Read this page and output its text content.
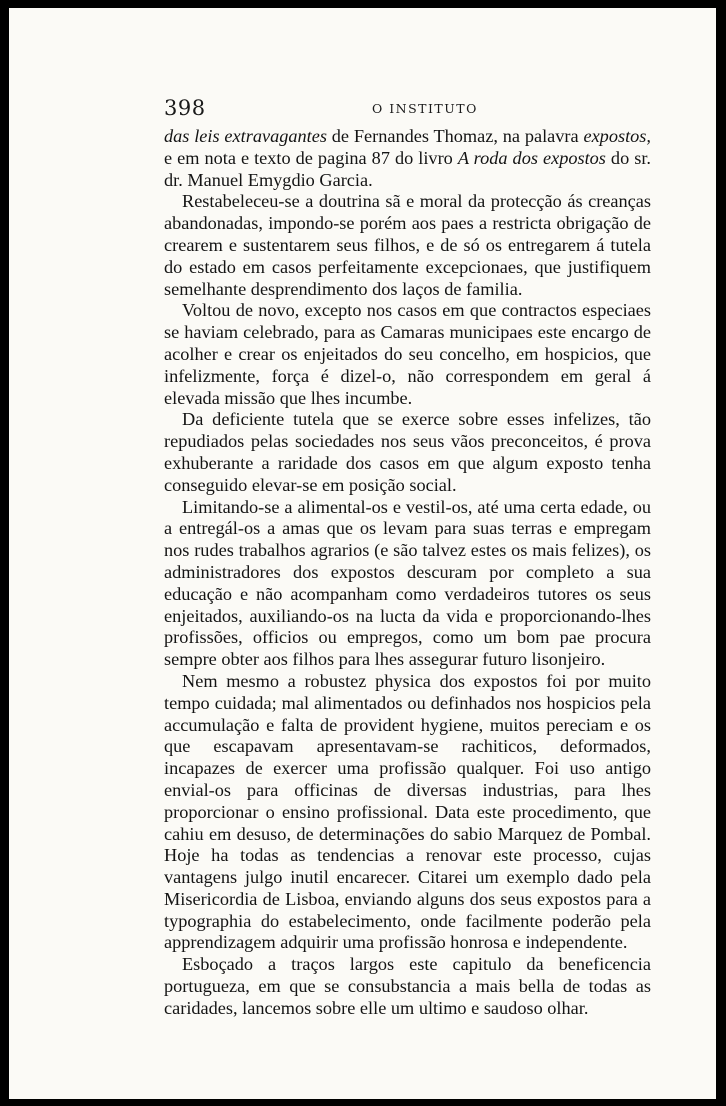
398	O INSTITUTO

das leis extravagantes de Fernandes Thomaz, na palavra expostos, e em nota e texto de pagina 87 do livro A roda dos expostos do sr. dr. Manuel Emygdio Garcia.

Restabeleceu-se a doutrina sã e moral da protecção ás creanças abandonadas, impondo-se porém aos paes a restricta obrigação de crearem e sustentarem seus filhos, e de só os entregarem á tutela do estado em casos perfeitamente excepcionaes, que justifiquem semelhante desprendimento dos laços de familia.

Voltou de novo, excepto nos casos em que contractos especiaes se haviam celebrado, para as Camaras municipaes este encargo de acolher e crear os enjeitados do seu concelho, em hospicios, que infelizmente, força é dizel-o, não correspondem em geral á elevada missão que lhes incumbe.

Da deficiente tutela que se exerce sobre esses infelizes, tão repudiados pelas sociedades nos seus vãos preconceitos, é prova exhuberante a raridade dos casos em que algum exposto tenha conseguido elevar-se em posição social.

Limitando-se a alimental-os e vestil-os, até uma certa edade, ou a entregál-os a amas que os levam para suas terras e empregam nos rudes trabalhos agrarios (e são talvez estes os mais felizes), os administradores dos expostos descuram por completo a sua educação e não acompanham como verdadeiros tutores os seus enjeitados, auxiliando-os na lucta da vida e proporcionando-lhes profissões, officios ou empregos, como um bom pae procura sempre obter aos filhos para lhes assegurar futuro lisonjeiro.

Nem mesmo a robustez physica dos expostos foi por muito tempo cuidada; mal alimentados ou definhados nos hospicios pela accumulação e falta de provident hygiene, muitos pereciam e os que escapavam apresentavam-se rachiticos, deformados, incapazes de exercer uma profissão qualquer. Foi uso antigo envial-os para officinas de diversas industrias, para lhes proporcionar o ensino profissional. Data este procedimento, que cahiu em desuso, de determinações do sabio Marquez de Pombal. Hoje ha todas as tendencias a renovar este processo, cujas vantagens julgo inutil encarecer. Citarei um exemplo dado pela Misericordia de Lisboa, enviando alguns dos seus expostos para a typographia do estabelecimento, onde facilmente poderão pela apprendizagem adquirir uma profissão honrosa e independente.

Esboçado a traços largos este capitulo da beneficencia portugueza, em que se consubstancia a mais bella de todas as caridades, lancemos sobre elle um ultimo e saudoso olhar.
